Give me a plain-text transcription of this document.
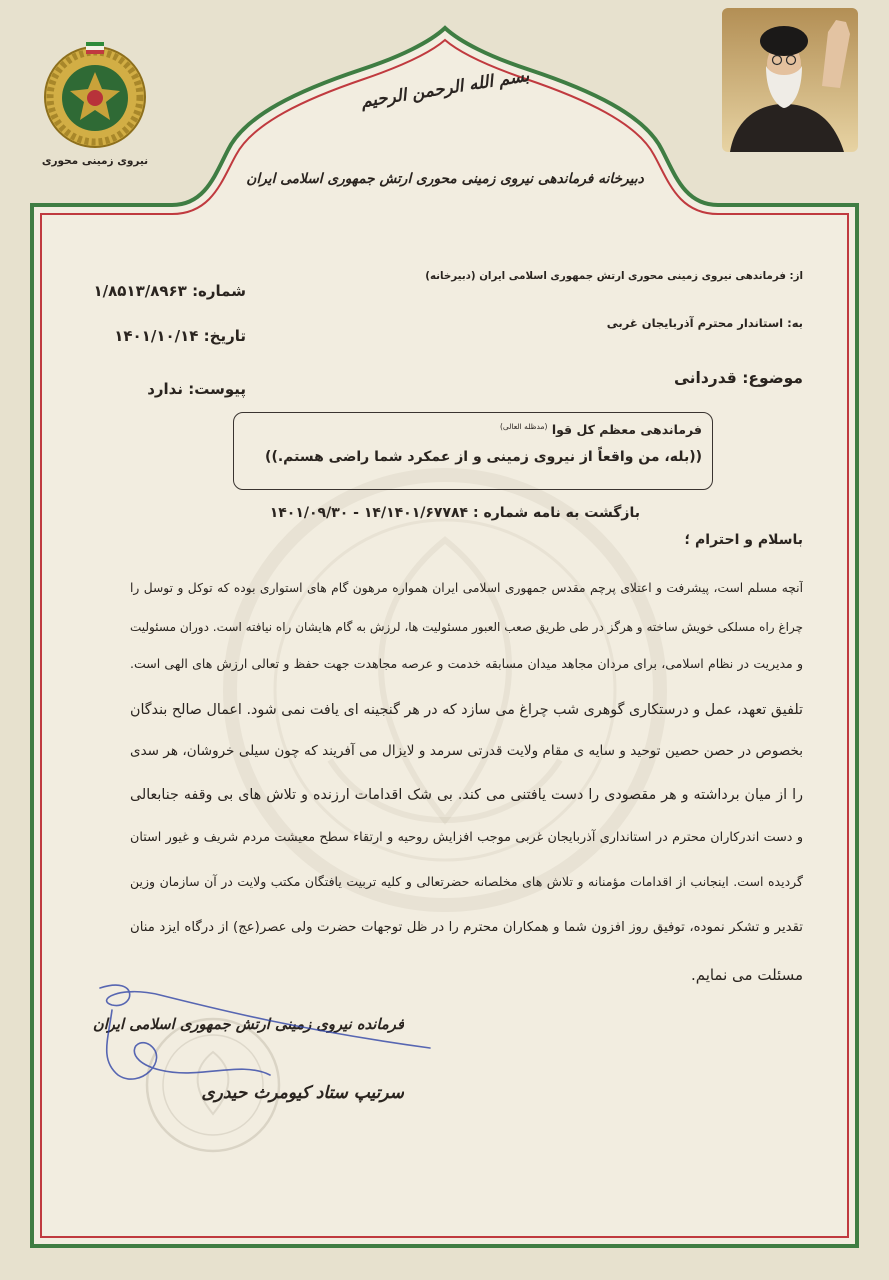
نیروی زمینی محوری
بسم الله الرحمن الرحیم
دبیرخانه فرماندهی نیروی زمینی محوری ارتش جمهوری اسلامی ایران
از: فرماندهی نیروی زمینی محوری ارتش جمهوری اسلامی ایران (دبیرخانه)
به: استاندار محترم آذربایجان غربی
موضوع: قدردانی
شماره: ۱/۸۵۱۳/۸۹۶۳
تاریخ: ۱۴۰۱/۱۰/۱۴
پیوست: ندارد
فرماندهی معظم کل قوا $^{(مدظله العالی)}$
((بله، من واقعاً از نیروی زمینی و از عمکرد شما راضی هستم.))
بازگشت به نامه شماره : ۱۴۰۱/۰۹/۳۰ - ۱۴/۱۴۰۱/۶۷۷۸۴
باسلام و احترام ؛
آنچه مسلم است، پیشرفت و اعتلای پرچم مقدس جمهوری اسلامی ایران همواره مرهون گام های استواری بوده که توکل و توسل را
چراغ راه مسلکی خویش ساخته و هرگز در طی طریق صعب العبور مسئولیت ها، لرزش به گام هایشان راه نیافته است. دوران مسئولیت
و مدیریت در نظام اسلامی، برای مردان مجاهد میدان مسابقه خدمت و عرصه مجاهدت جهت حفظ و تعالی ارزش های الهی است.
تلفیق تعهد، عمل و درستکاری گوهری شب چراغ می سازد که در هر گنجینه ای یافت نمی شود. اعمال صالح بندگان
بخصوص در حصن حصین توحید و سایه ی مقام ولایت قدرتی سرمد و لایزال می آفریند که چون سیلی خروشان، هر سدی
را از میان برداشته و هر مقصودی را دست یافتنی می کند. بی شک اقدامات ارزنده و تلاش های بی وقفه جنابعالی
و دست اندرکاران محترم در استانداری آذربایجان غربی موجب افزایش روحیه و ارتقاء سطح معیشت مردم شریف و غیور استان
گردیده است. اینجانب از اقدامات مؤمنانه و تلاش های مخلصانه حضرتعالی و کلیه تربیت یافتگان مکتب ولایت در آن سازمان وزین
تقدیر و تشکر نموده، توفیق روز افزون شما و همکاران محترم را در ظل توجهات حضرت ولی عصر(عج) از درگاه ایزد منان
مسئلت می نمایم.
فرمانده نیروی زمینی ارتش جمهوری اسلامی ایران
سرتیپ ستاد کیومرث حیدری
